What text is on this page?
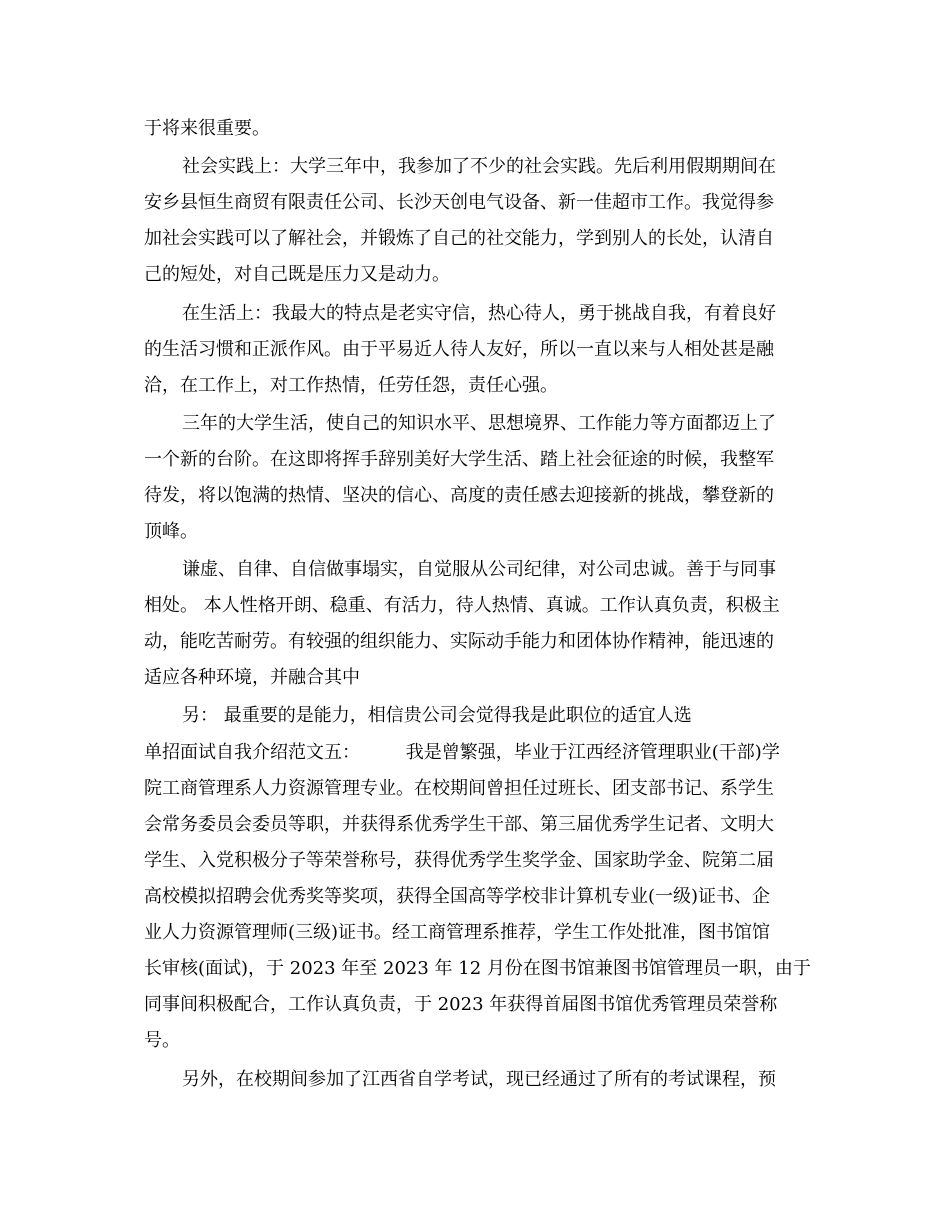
于将来很重要。
社会实践上：大学三年中，我参加了不少的社会实践。先后利用假期期间在
安乡县恒生商贸有限责任公司、长沙天创电气设备、新一佳超市工作。我觉得参
加社会实践可以了解社会，并锻炼了自己的社交能力，学到别人的长处，认清自
己的短处，对自己既是压力又是动力。
在生活上：我最大的特点是老实守信，热心待人，勇于挑战自我，有着良好
的生活习惯和正派作风。由于平易近人待人友好，所以一直以来与人相处甚是融
洽，在工作上，对工作热情，任劳任怨，责任心强。
三年的大学生活，使自己的知识水平、思想境界、工作能力等方面都迈上了
一个新的台阶。在这即将挥手辞别美好大学生活、踏上社会征途的时候，我整军
待发，将以饱满的热情、坚决的信心、高度的责任感去迎接新的挑战，攀登新的
顶峰。
谦虚、自律、自信做事塌实，自觉服从公司纪律，对公司忠诚。善于与同事
相处。 本人性格开朗、稳重、有活力，待人热情、真诚。工作认真负责，积极主
动，能吃苦耐劳。有较强的组织能力、实际动手能力和团体协作精神，能迅速的
适应各种环境，并融合其中
另： 最重要的是能力，相信贵公司会觉得我是此职位的适宜人选
单招面试自我介绍范文五：        我是曾繁强，毕业于江西经济管理职业(干部)学
院工商管理系人力资源管理专业。在校期间曾担任过班长、团支部书记、系学生
会常务委员会委员等职，并获得系优秀学生干部、第三届优秀学生记者、文明大
学生、入党积极分子等荣誉称号，获得优秀学生奖学金、国家助学金、院第二届
高校模拟招聘会优秀奖等奖项，获得全国高等学校非计算机专业(一级)证书、企
业人力资源管理师(三级)证书。经工商管理系推荐，学生工作处批准，图书馆馆
长审核(面试)，于 2023 年至 2023 年 12 月份在图书馆兼图书馆管理员一职，由于
同事间积极配合，工作认真负责，于 2023 年获得首届图书馆优秀管理员荣誉称
号。
另外，在校期间参加了江西省自学考试，现已经通过了所有的考试课程，预
